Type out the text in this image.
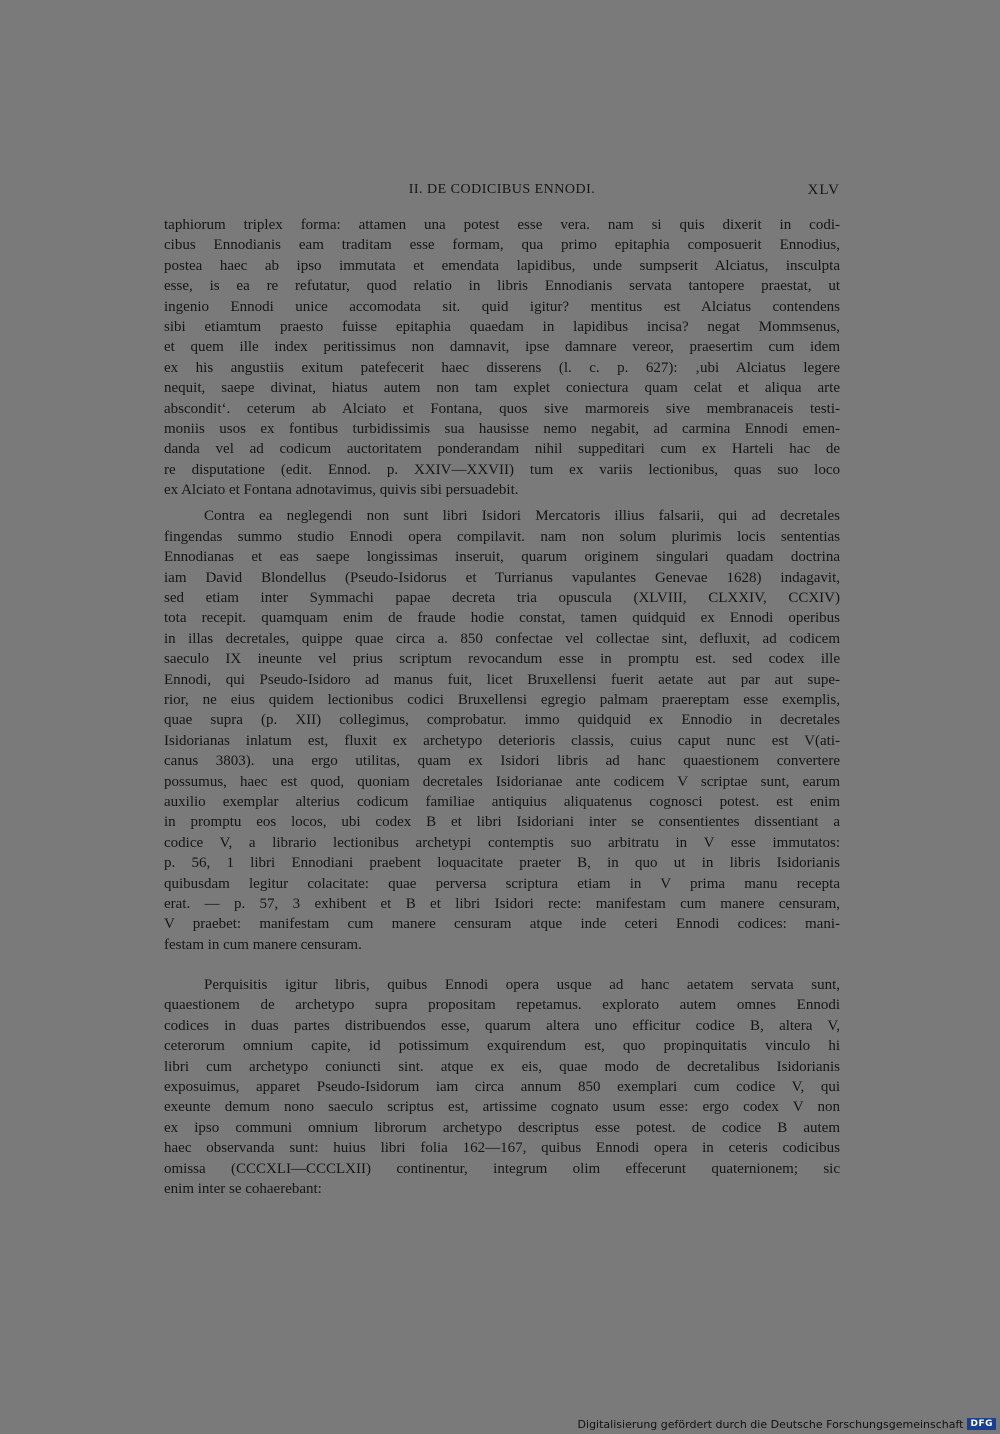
II. DE CODICIBUS ENNODI.	XLV
taphiorum triplex forma: attamen una potest esse vera. nam si quis dixerit in codi-
cibus Ennodianis eam traditam esse formam, qua primo epitaphia composuerit Ennodius,
postea haec ab ipso immutata et emendata lapidibus, unde sumpserit Alciatus, insculpta
esse, is ea re refutatur, quod relatio in libris Ennodianis servata tantopere praestat, ut
ingenio Ennodi unice accomodata sit. quid igitur? mentitus est Alciatus contendens
sibi etiamtum praesto fuisse epitaphia quaedam in lapidibus incisa? negat Mommsenus,
et quem ille index peritissimus non damnavit, ipse damnare vereor, praesertim cum idem
ex his angustiis exitum patefecerit haec disserens (l. c. p. 627): ‚ubi Alciatus legere
nequit, saepe divinat, hiatus autem non tam explet coniectura quam celat et aliqua arte
abscondit‘. ceterum ab Alciato et Fontana, quos sive marmoreis sive membranaceis testi-
moniis usos ex fontibus turbidissimis sua hausisse nemo negabit, ad carmina Ennodi emen-
danda vel ad codicum auctoritatem ponderandam nihil suppeditari cum ex Harteli hac de
re disputatione (edit. Ennod. p. XXIV—XXVII) tum ex variis lectionibus, quas suo loco
ex Alciato et Fontana adnotavimus, quivis sibi persuadebit.
Contra ea neglegendi non sunt libri Isidori Mercatoris illius falsarii, qui ad decretales
fingendas summo studio Ennodi opera compilavit. nam non solum plurimis locis sententias
Ennodianas et eas saepe longissimas inseruit, quarum originem singulari quadam doctrina
iam David Blondellus (Pseudo-Isidorus et Turrianus vapulantes Genevae 1628) indagavit,
sed etiam inter Symmachi papae decreta tria opuscula (XLVIII, CLXXIV, CCXIV)
tota recepit. quamquam enim de fraude hodie constat, tamen quidquid ex Ennodi operibus
in illas decretales, quippe quae circa a. 850 confectae vel collectae sint, defluxit, ad codicem
saeculo IX ineunte vel prius scriptum revocandum esse in promptu est. sed codex ille
Ennodi, qui Pseudo-Isidoro ad manus fuit, licet Bruxellensi fuerit aetate aut par aut supe-
rior, ne eius quidem lectionibus codici Bruxellensi egregio palmam praereptam esse exemplis,
quae supra (p. XII) collegimus, comprobatur. immo quidquid ex Ennodio in decretales
Isidorianas inlatum est, fluxit ex archetypo deterioris classis, cuius caput nunc est V(ati-
canus 3803). una ergo utilitas, quam ex Isidori libris ad hanc quaestionem convertere
possumus, haec est quod, quoniam decretales Isidorianae ante codicem V scriptae sunt, earum
auxilio exemplar alterius codicum familiae antiquius aliquatenus cognosci potest. est enim
in promptu eos locos, ubi codex B et libri Isidoriani inter se consentientes dissentiant a
codice V, a librario lectionibus archetypi contemptis suo arbitratu in V esse immutatos:
p. 56, 1 libri Ennodiani praebent loquacitate praeter B, in quo ut in libris Isidorianis
quibusdam legitur colacitate: quae perversa scriptura etiam in V prima manu recepta
erat. — p. 57, 3 exhibent et B et libri Isidori recte: manifestam cum manere censuram,
V praebet: manifestam cum manere censuram atque inde ceteri Ennodi codices: mani-
festam in cum manere censuram.
Perquisitis igitur libris, quibus Ennodi opera usque ad hanc aetatem servata sunt,
quaestionem de archetypo supra propositam repetamus. explorato autem omnes Ennodi
codices in duas partes distribuendos esse, quarum altera uno efficitur codice B, altera V,
ceterorum omnium capite, id potissimum exquirendum est, quo propinquitatis vinculo hi
libri cum archetypo coniuncti sint. atque ex eis, quae modo de decretalibus Isidorianis
exposuimus, apparet Pseudo-Isidorum iam circa annum 850 exemplari cum codice V, qui
exeunte demum nono saeculo scriptus est, artissime cognato usum esse: ergo codex V non
ex ipso communi omnium librorum archetypo descriptus esse potest. de codice B autem
haec observanda sunt: huius libri folia 162—167, quibus Ennodi opera in ceteris codicibus
omissa (CCCXLI—CCCLXII) continentur, integrum olim effecerunt quaternionem; sic
enim inter se cohaerebant:
Digitalisierung gefördert durch die Deutsche Forschungsgemeinschaft DFG
